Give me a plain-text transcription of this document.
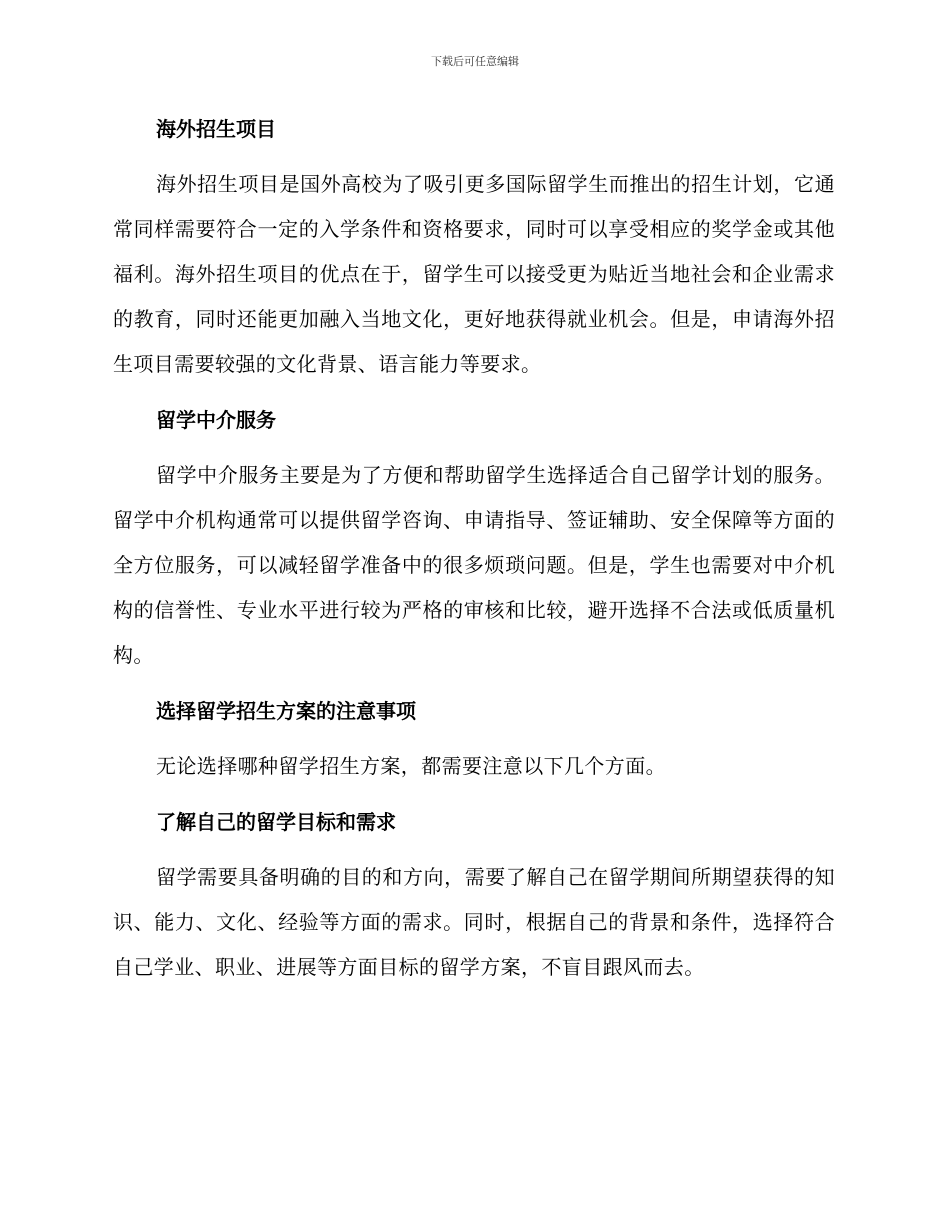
下载后可任意编辑
海外招生项目

海外招生项目是国外高校为了吸引更多国际留学生而推出的招生计划，它通常同样需要符合一定的入学条件和资格要求，同时可以享受相应的奖学金或其他福利。海外招生项目的优点在于，留学生可以接受更为贴近当地社会和企业需求的教育，同时还能更加融入当地文化，更好地获得就业机会。但是，申请海外招生项目需要较强的文化背景、语言能力等要求。

留学中介服务

留学中介服务主要是为了方便和帮助留学生选择适合自己留学计划的服务。留学中介机构通常可以提供留学咨询、申请指导、签证辅助、安全保障等方面的全方位服务，可以减轻留学准备中的很多烦琐问题。但是，学生也需要对中介机构的信誉性、专业水平进行较为严格的审核和比较，避开选择不合法或低质量机构。

选择留学招生方案的注意事项

无论选择哪种留学招生方案，都需要注意以下几个方面。

了解自己的留学目标和需求

留学需要具备明确的目的和方向，需要了解自己在留学期间所期望获得的知识、能力、文化、经验等方面的需求。同时，根据自己的背景和条件，选择符合自己学业、职业、进展等方面目标的留学方案，不盲目跟风而去。
